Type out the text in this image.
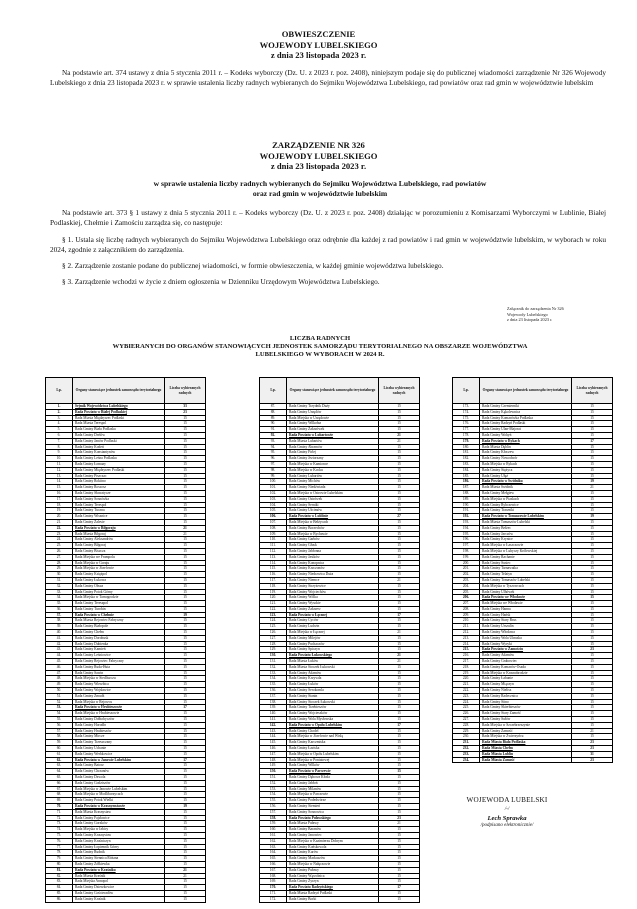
OBWIESZCZENIE
WOJEWODY LUBELSKIEGO
z dnia 23 listopada 2023 r.

Na podstawie art. 374 ustawy z dnia 5 stycznia 2011 r. – Kodeks wyborczy (Dz. U. z 2023 r. poz. 2408), niniejszym podaje się do publicznej wiadomości zarządzenie Nr 326 Wojewody Lubelskiego z dnia 23 listopada 2023 r. w sprawie ustalenia liczby radnych wybieranych do Sejmiku Województwa Lubelskiego, rad powiatów oraz rad gmin w województwie lubelskim

ZARZĄDZENIE NR 326
WOJEWODY LUBELSKIEGO
z dnia 23 listopada 2023 r.
w sprawie ustalenia liczby radnych wybieranych do Sejmiku Województwa Lubelskiego, rad powiatów
oraz rad gmin w województwie lubelskim

Na podstawie art. 373 § 1 ustawy z dnia 5 stycznia 2011 r. – Kodeks wyborczy (Dz. U. z 2023 r. poz. 2408) działając w porozumieniu z Komisarzami Wyborczymi w Lublinie, Białej Podlaskiej, Chełmie i Zamościu zarządza się, co następuje:

§ 1. Ustala się liczbę radnych wybieranych do Sejmiku Województwa Lubelskiego oraz odrębnie dla każdej z rad powiatów i rad gmin w województwie lubelskim, w wyborach w roku 2024, zgodnie z załącznikiem do zarządzenia.

§ 2. Zarządzenie zostanie podane do publicznej wiadomości, w formie obwieszczenia, w każdej gminie województwa lubelskiego.

§ 3. Zarządzenie wchodzi w życie z dniem ogłoszenia w Dzienniku Urzędowym Województwa Lubelskiego.

Załącznik do zarządzenia Nr 326
Wojewody Lubelskiego
z dnia 23 listopada 2023 r.
LICZBA RADNYCH
WYBIERANYCH DO ORGANÓW STANOWIĄCYCH JEDNOSTEK SAMORZĄDU TERYTORIALNEGO NA OBSZARZE WOJEWÓDZTWA
LUBELSKIEGO W WYBORACH W 2024 R.
Lp.	Organy stanowiące jednostek samorządu terytorialnego	Liczba wybieranych radnych
1.	Sejmik Województwa Lubelskiego	33
2.	Rada Powiatu w Białej Podlaskiej	23
3.	Rada Miasta Międzyrzec Podlaski	15
4.	Rada Miasta Terespol	15
5.	Rada Gminy Biała Podlaska	15
6.	Rada Gminy Drelów	15
7.	Rada Gminy Janów Podlaski	15
8.	Rada Gminy Kodeń	15
9.	Rada Gminy Konstantynów	15
10.	Rada Gminy Leśna Podlaska	15
11.	Rada Gminy Łomazy	15
12.	Rada Gminy Międzyrzec Podlaski	15
13.	Rada Gminy Piszczac	15
14.	Rada Gminy Rokitno	15
15.	Rada Gminy Rossosz	15
16.	Rada Gminy Sławatycze	15
17.	Rada Gminy Sosnówka	15
18.	Rada Gminy Terespol	15
19.	Rada Gminy Tuczna	15
20.	Rada Gminy Wisznice	15
21.	Rada Gminy Zalesie	15
22.	Rada Powiatu w Biłgoraju	21
23.	Rada Miasta Biłgoraj	21
24.	Rada Gminy Aleksandrów	15
25.	Rada Gminy Biłgoraj	15
26.	Rada Gminy Biszcza	15
27.	Rada Miejska we Frampolu	15
28.	Rada Miejska w Goraju	15
29.	Rada Miejska w Józefowie	15
30.	Rada Gminy Księżpol	15
31.	Rada Gminy Łukowa	15
32.	Rada Gminy Obsza	15
33.	Rada Gminy Potok Górny	15
34.	Rada Miejska w Tarnogrodzie	15
35.	Rada Gminy Tereszpol	15
36.	Rada Gminy Turobin	15
37.	Rada Powiatu w Chełmie	19
38.	Rada Miasta Rejowiec Fabryczny	15
39.	Rada Gminy Białopole	15
40.	Rada Gminy Chełm	15
41.	Rada Gminy Dorohusk	15
42.	Rada Gminy Dubienka	15
43.	Rada Gminy Kamień	15
44.	Rada Gminy Leśniowice	15
45.	Rada Gminy Rejowiec Fabryczny	15
46.	Rada Gminy Ruda-Huta	15
47.	Rada Gminy Sawin	15
48.	Rada Miejska w Siedliszczu	15
49.	Rada Gminy Wierzbica	15
50.	Rada Gminy Wojsławice	15
51.	Rada Gminy Żmudź	15
52.	Rada Miejska w Rejowcu	15
53.	Rada Powiatu w Hrubieszowie	17
54.	Rada Miejska w Hrubieszowie	15
55.	Rada Gminy Dołhobyczów	15
56.	Rada Gminy Horodło	15
57.	Rada Gminy Hrubieszów	15
58.	Rada Gminy Mircze	15
59.	Rada Gminy Trzeszczany	15
60.	Rada Gminy Uchanie	15
61.	Rada Gminy Werbkowice	15
62.	Rada Powiatu w Janowie Lubelskim	17
63.	Rada Gminy Batorz	15
64.	Rada Gminy Chrzanów	15
65.	Rada Gminy Dzwola	15
66.	Rada Gminy Godziszów	15
67.	Rada Miejska w Janowie Lubelskim	15
68.	Rada Miejska w Modliborzycach	15
69.	Rada Gminy Potok Wielki	15
70.	Rada Powiatu w Krasnymstawie	19
71.	Rada Miasta Krasnystaw	15
72.	Rada Gminy Fajsławice	15
73.	Rada Gminy Gorzków	15
74.	Rada Miejska w Izbicy	15
75.	Rada Gminy Krasnystaw	15
76.	Rada Gminy Kraśniczyn	15
77.	Rada Gminy Łopiennik Górny	15
78.	Rada Gminy Rudnik	15
79.	Rada Gminy Siennica Różana	15
80.	Rada Gminy Żółkiewka	15
81.	Rada Powiatu w Kraśniku	21
82.	Rada Miasta Kraśnik	21
83.	Rada Miejska Annopol	15
84.	Rada Gminy Dzierzkowice	15
85.	Rada Gminy Gościeradów	15
86.	Rada Gminy Kraśnik	15
Lp.	Organy stanowiące jednostek samorządu terytorialnego	Liczba wybieranych radnych
87.	Rada Gminy Trzydnik Duży	15
88.	Rada Gminy Urzędów	15
89.	Rada Miejska w Urzędowie	15
90.	Rada Gminy Wilkołaz	15
91.	Rada Gminy Zakrzówek	15
92.	Rada Powiatu w Lubartowie	21
93.	Rada Miasta Lubartów	21
94.	Rada Gminy Abramów	15
95.	Rada Gminy Firlej	15
96.	Rada Gminy Jeziorzany	15
97.	Rada Miejska w Kamionce	15
98.	Rada Miejska w Kocku	15
99.	Rada Gminy Lubartów	15
100.	Rada Gminy Michów	15
101.	Rada Gminy Niedźwiada	15
102.	Rada Miejska w Ostrowie Lubelskim	15
103.	Rada Gminy Ostrówek	15
104.	Rada Gminy Serniki	15
105.	Rada Gminy Uścimów	15
106.	Rada Powiatu w Lublinie	27
107.	Rada Miejska w Bełżycach	15
108.	Rada Gminy Borzechów	15
109.	Rada Miejska w Bychawie	15
110.	Rada Gminy Garbów	15
111.	Rada Gminy Głusk	15
112.	Rada Gminy Jabłonna	15
113.	Rada Gminy Jastków	15
114.	Rada Gminy Konopnica	15
115.	Rada Gminy Krzczonów	15
116.	Rada Gminy Niedrzwica Duża	15
117.	Rada Gminy Niemce	21
118.	Rada Gminy Strzyżewice	15
119.	Rada Gminy Wojciechów	15
120.	Rada Gminy Wólka	15
121.	Rada Gminy Wysokie	15
122.	Rada Gminy Zakrzew	15
123.	Rada Powiatu w Łęcznej	17
124.	Rada Gminy Cyców	15
125.	Rada Gminy Ludwin	15
126.	Rada Miejska w Łęcznej	21
127.	Rada Gminy Milejów	15
128.	Rada Gminy Puchaczów	15
129.	Rada Gminy Spiczyn	15
130.	Rada Powiatu Łukowskiego	21
131.	Rada Miasta Łuków	21
132.	Rada Miasta Stoczek Łukowski	15
133.	Rada Gminy Adamów	15
134.	Rada Gminy Krzywda	15
135.	Rada Gminy Łuków	15
136.	Rada Gminy Serokomla	15
137.	Rada Gminy Stanin	15
138.	Rada Gminy Stoczek Łukowski	15
139.	Rada Gminy Trzebieszów	15
140.	Rada Gminy Wojcieszków	15
141.	Rada Gminy Wola Mysłowska	15
142.	Rada Powiatu w Opolu Lubelskim	17
143.	Rada Gminy Chodel	15
144.	Rada Miejska w Józefowie nad Wisłą	15
145.	Rada Gminy Karczmiska	15
146.	Rada Gminy Łaziska	15
147.	Rada Miejska w Opolu Lubelskim	15
148.	Rada Miejska w Poniatowej	15
149.	Rada Gminy Wilków	15
150.	Rada Powiatu w Parczewie	15
151.	Rada Gminy Dębowa Kłoda	15
152.	Rada Gminy Jabłoń	15
153.	Rada Gminy Milanów	15
154.	Rada Miejska w Parczewie	15
155.	Rada Gminy Podedwórze	15
156.	Rada Gminy Siemień	15
157.	Rada Gminy Sosnowica	15
158.	Rada Powiatu Puławskiego	23
159.	Rada Miasta Puławy	21
160.	Rada Gminy Baranów	15
161.	Rada Gminy Janowiec	15
162.	Rada Miejska w Kazimierzu Dolnym	15
163.	Rada Gminy Końskowola	15
164.	Rada Gminy Kurów	15
165.	Rada Gminy Markuszów	15
166.	Rada Miejska w Nałęczowie	15
167.	Rada Gminy Puławy	15
168.	Rada Gminy Wąwolnica	15
169.	Rada Gminy Żyrzyn	15
170.	Rada Powiatu Radzyńskiego	17
171.	Rada Miasta Radzyń Podlaski	15
172.	Rada Gminy Borki	15
Lp.	Organy stanowiące jednostek samorządu terytorialnego	Liczba wybieranych radnych
173.	Rada Gminy Czemierniki	15
174.	Rada Gminy Kąkolewnica	15
175.	Rada Gminy Komarówka Podlaska	15
176.	Rada Gminy Radzyń Podlaski	15
177.	Rada Gminy Ulan-Majorat	15
178.	Rada Gminy Wohyń	15
179.	Rada Powiatu w Rykach	17
180.	Rada Miasta Dęblin	15
181.	Rada Gminy Kłoczew	15
182.	Rada Gminy Nowodwór	15
183.	Rada Miejska w Rykach	15
184.	Rada Gminy Stężyca	15
185.	Rada Gminy Ułęż	15
186.	Rada Powiatu w Świdniku	19
187.	Rada Miasta Świdnik	21
188.	Rada Gminy Mełgiew	15
189.	Rada Miejska w Piaskach	15
190.	Rada Gminy Rybczewice	15
191.	Rada Gminy Trawniki	15
192.	Rada Powiatu w Tomaszowie Lubelskim	19
193.	Rada Miasta Tomaszów Lubelski	15
194.	Rada Gminy Bełżec	15
195.	Rada Gminy Jarczów	15
196.	Rada Gminy Krynice	15
197.	Rada Miejska w Łaszczowie	15
198.	Rada Miejska w Lubyczy Królewskiej	15
199.	Rada Gminy Rachanie	15
200.	Rada Gminy Susiec	15
201.	Rada Gminy Tarnawatka	15
202.	Rada Gminy Telatyn	15
203.	Rada Gminy Tomaszów Lubelski	15
204.	Rada Miejska w Tyszowcach	15
205.	Rada Gminy Ulhówek	15
206.	Rada Powiatu we Włodawie	15
207.	Rada Miejska we Włodawie	15
208.	Rada Gminy Hanna	15
209.	Rada Gminy Hańsk	15
210.	Rada Gminy Stary Brus	15
211.	Rada Gminy Urszulin	15
212.	Rada Gminy Włodawa	15
213.	Rada Gminy Wola Uhruska	15
214.	Rada Gminy Wyryki	15
215.	Rada Powiatu w Zamościu	23
216.	Rada Gminy Adamów	15
217.	Rada Gminy Grabowiec	15
218.	Rada Gminy Komarów-Osada	15
219.	Rada Miejska w Krasnobrodzie	15
220.	Rada Gminy Łabunie	15
221.	Rada Gminy Miączyn	15
222.	Rada Gminy Nielisz	15
223.	Rada Gminy Radecznica	15
224.	Rada Gminy Sitno	15
225.	Rada Gminy Skierbieszów	15
226.	Rada Gminy Stary Zamość	15
227.	Rada Gminy Sułów	15
228.	Rada Miejska w Szczebrzeszynie	15
229.	Rada Gminy Zamość	21
230.	Rada Miejska w Zwierzyńcu	15
231.	Rada Miasta Biała Podlaska	23
232.	Rada Miasta Chełm	23
233.	Rada Miasta Lublin	31
234.	Rada Miasta Zamość	23
WOJEWODA LUBELSKI
/-/
Lech Sprawka
/podpisano elektronicznie/
